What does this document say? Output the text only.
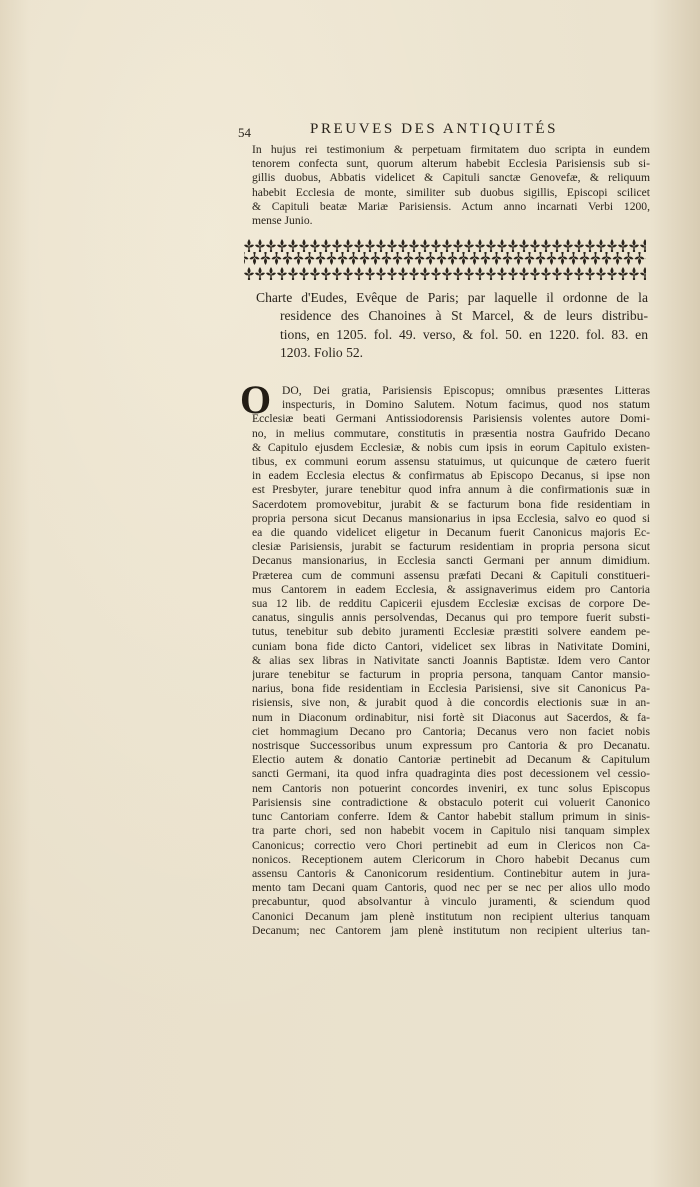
54	PREUVES DES ANTIQUITÉS
In hujus rei testimonium & perpetuam firmitatem duo scripta in eundem
tenorem confecta sunt, quorum alterum habebit Ecclesia Parisiensis sub si-
gillis duobus, Abbatis videlicet & Capituli sanctæ Genovefæ, & reliquum
habebit Ecclesia de monte, similiter sub duobus sigillis, Episcopi scilicet
& Capituli beatæ Mariæ Parisiensis. Actum anno incarnati Verbi 1200,
mense Junio.
Charte d'Eudes, Evêque de Paris; par laquelle il ordonne de la
residence des Chanoines à St Marcel, & de leurs distribu-
tions, en 1205. fol. 49. verso, & fol. 50. en 1220. fol. 83. en
1203. Folio 52.
O DO, Dei gratia, Parisiensis Episcopus; omnibus præsentes Litteras
inspecturis, in Domino Salutem. Notum facimus, quod nos statum
Ecclesiæ beati Germani Antissiodorensis Parisiensis volentes autore Domi-
no, in melius commutare, constitutis in præsentia nostra Gaufrido Decano
& Capitulo ejusdem Ecclesiæ, & nobis cum ipsis in eorum Capitulo existen-
tibus, ex communi eorum assensu statuimus, ut quicunque de cætero fuerit
in eadem Ecclesia electus & confirmatus ab Episcopo Decanus, si ipse non
est Presbyter, jurare tenebitur quod infra annum à die confirmationis suæ in
Sacerdotem promovebitur, jurabit & se facturum bona fide residentiam in
propria persona sicut Decanus mansionarius in ipsa Ecclesia, salvo eo quod si
ea die quando videlicet eligetur in Decanum fuerit Canonicus majoris Ec-
clesiæ Parisiensis, jurabit se facturum residentiam in propria persona sicut
Decanus mansionarius, in Ecclesia sancti Germani per annum dimidium.
Præterea cum de communi assensu præfati Decani & Capituli constitueri-
mus Cantorem in eadem Ecclesia, & assignaverimus eidem pro Cantoria
sua 12 lib. de redditu Capicerii ejusdem Ecclesiæ excisas de corpore De-
canatus, singulis annis persolvendas, Decanus qui pro tempore fuerit substi-
tutus, tenebitur sub debito juramenti Ecclesiæ præstiti solvere eandem pe-
cuniam bona fide dicto Cantori, videlicet sex libras in Nativitate Domini,
& alias sex libras in Nativitate sancti Joannis Baptistæ. Idem vero Cantor
jurare tenebitur se facturum in propria persona, tanquam Cantor mansio-
narius, bona fide residentiam in Ecclesia Parisiensi, sive sit Canonicus Pa-
risiensis, sive non, & jurabit quod à die concordis electionis suæ in an-
num in Diaconum ordinabitur, nisi fortè sit Diaconus aut Sacerdos, & fa-
ciet hommagium Decano pro Cantoria; Decanus vero non faciet nobis
nostrisque Successoribus unum expressum pro Cantoria & pro Decanatu.
Electio autem & donatio Cantoriæ pertinebit ad Decanum & Capitulum
sancti Germani, ita quod infra quadraginta dies post decessionem vel cessio-
nem Cantoris non potuerint concordes inveniri, ex tunc solus Episcopus
Parisiensis sine contradictione & obstaculo poterit cui voluerit Canonico
tunc Cantoriam conferre. Idem & Cantor habebit stallum primum in sinis-
tra parte chori, sed non habebit vocem in Capitulo nisi tanquam simplex
Canonicus; correctio vero Chori pertinebit ad eum in Clericos non Ca-
nonicos. Receptionem autem Clericorum in Choro habebit Decanus cum
assensu Cantoris & Canonicorum residentium. Continebitur autem in jura-
mento tam Decani quam Cantoris, quod nec per se nec per alios ullo modo
precabuntur, quod absolvantur à vinculo juramenti, & sciendum quod
Canonici Decanum jam plenè institutum non recipient ulterius tanquam
Decanum; nec Cantorem jam plenè institutum non recipient ulterius tan-
